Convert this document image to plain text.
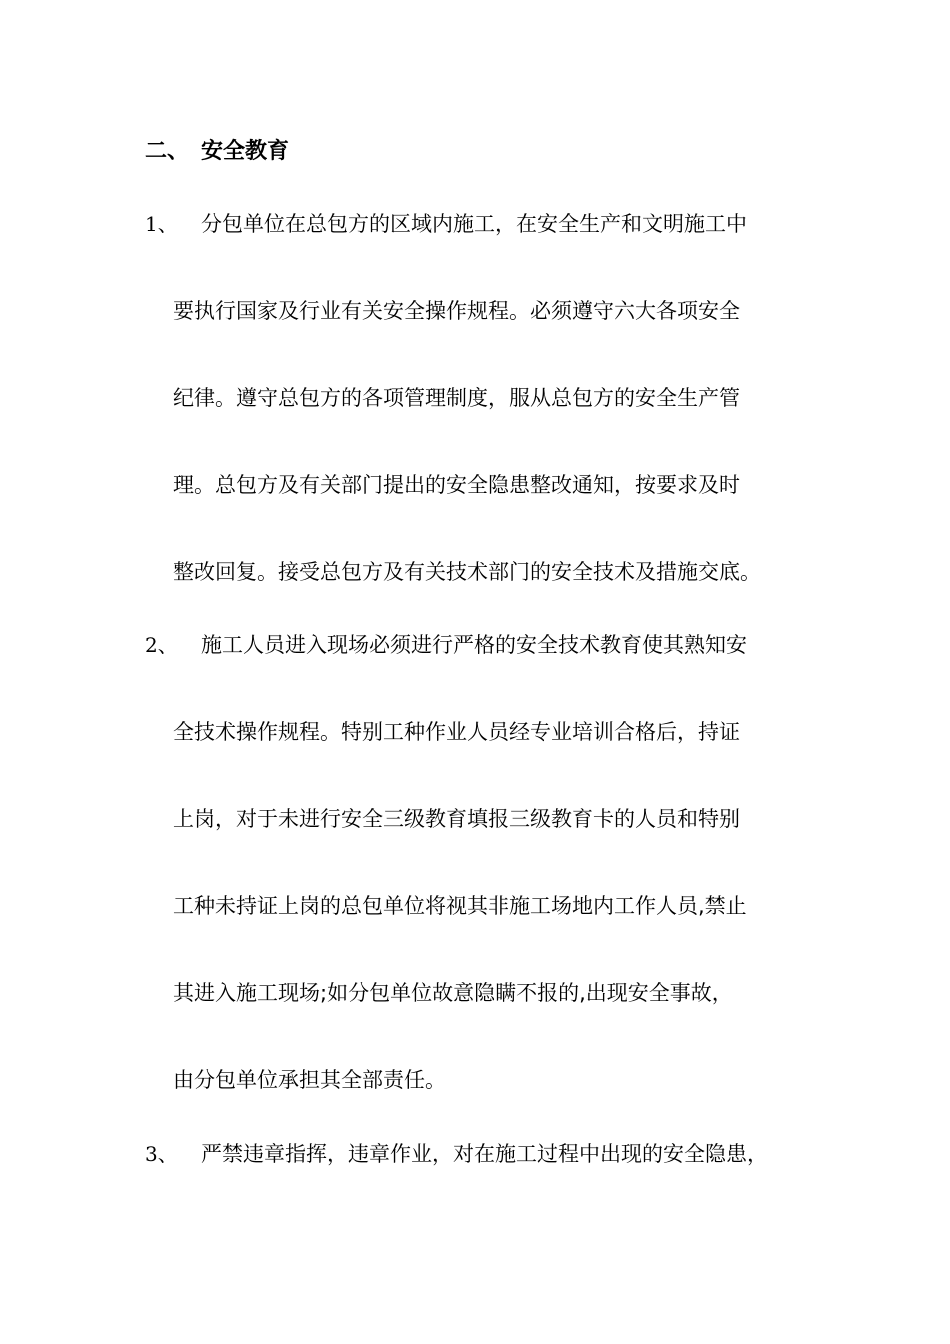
二、 安全教育
1、 分包单位在总包方的区域内施工，在安全生产和文明施工中
要执行国家及行业有关安全操作规程。必须遵守六大各项安全
纪律。遵守总包方的各项管理制度，服从总包方的安全生产管
理。总包方及有关部门提出的安全隐患整改通知，按要求及时
整改回复。接受总包方及有关技术部门的安全技术及措施交底。
2、 施工人员进入现场必须进行严格的安全技术教育使其熟知安
全技术操作规程。特别工种作业人员经专业培训合格后，持证
上岗，对于未进行安全三级教育填报三级教育卡的人员和特别
工种未持证上岗的总包单位将视其非施工场地内工作人员,禁止
其进入施工现场;如分包单位故意隐瞒不报的,出现安全事故，
由分包单位承担其全部责任。
3、 严禁违章指挥，违章作业，对在施工过程中出现的安全隐患，
